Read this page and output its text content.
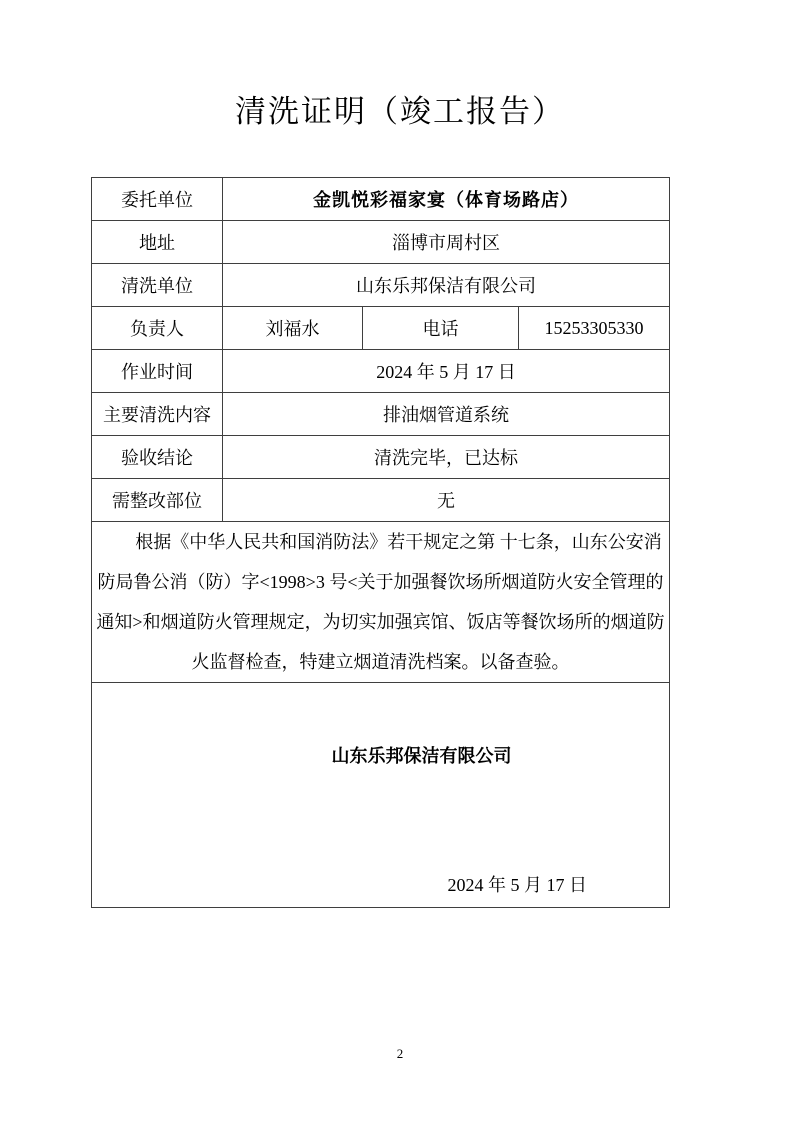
清洗证明（竣工报告）
委托单位	金凯悦彩福家宴（体育场路店）		
地址	淄博市周村区		
清洗单位	山东乐邦保洁有限公司		
负责人	刘福水	电话	15253305330
作业时间	2024 年 5 月 17 日		
主要清洗内容	排油烟管道系统		
验收结论	清洗完毕，已达标		
需整改部位	无		
根据《中华人民共和国消防法》若干规定之第 十七条，山东公安消防局鲁公消（防）字<1998>3 号<关于加强餐饮场所烟道防火安全管理的通知>和烟道防火管理规定，为切实加强宾馆、饭店等餐饮场所的烟道防火监督检查，特建立烟道清洗档案。以备查验。			

山东乐邦保洁有限公司
2024 年 5 月 17 日			
2
